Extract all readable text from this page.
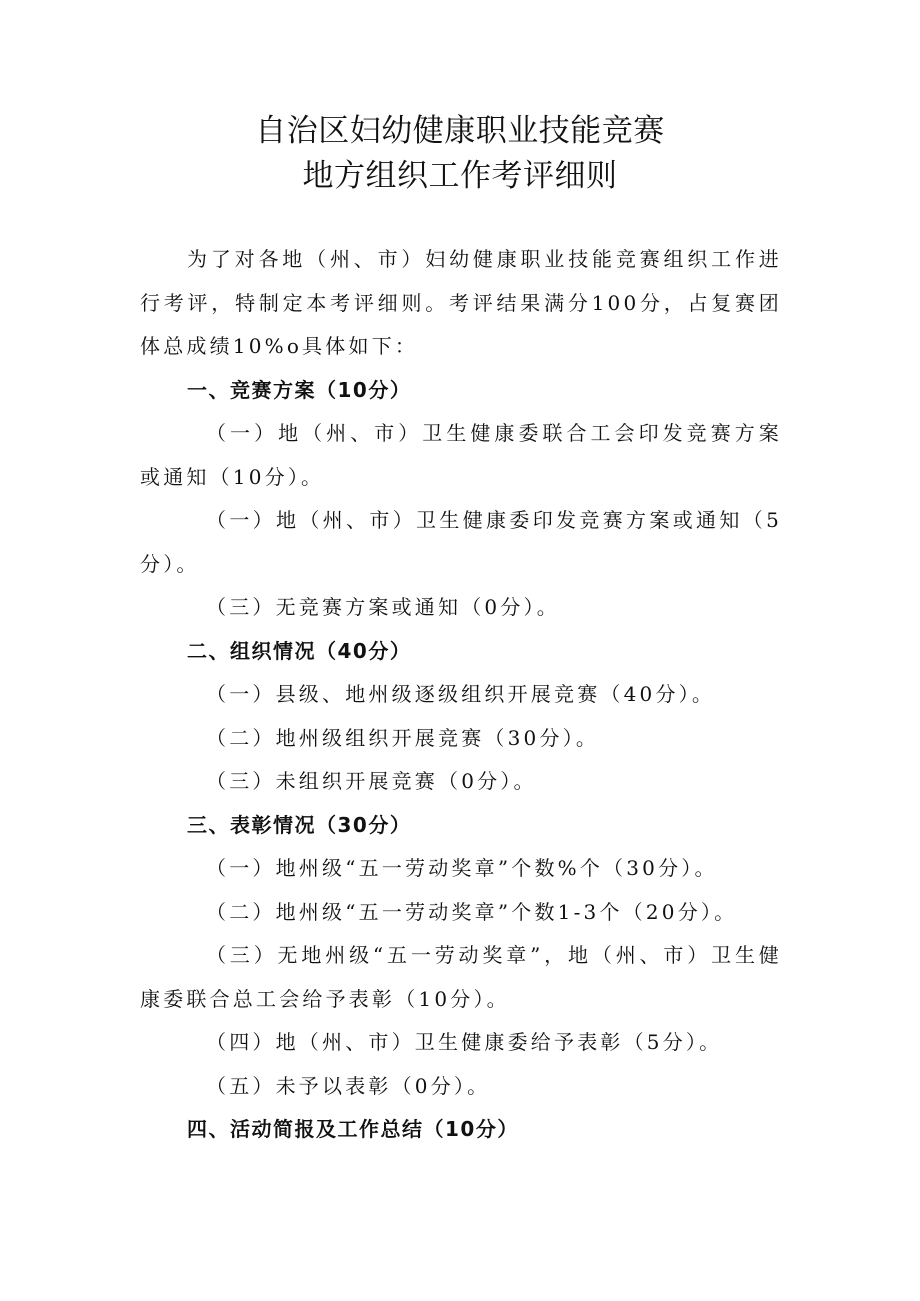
自治区妇幼健康职业技能竞赛
地方组织工作考评细则

为了对各地（州、市）妇幼健康职业技能竞赛组织工作进行考评，特制定本考评细则。考评结果满分100分，占复赛团体总成绩10%o具体如下：

一、竞赛方案（10分）

（一）地（州、市）卫生健康委联合工会印发竞赛方案或通知（10分）。

（一）地（州、市）卫生健康委印发竞赛方案或通知（5分）。

（三）无竞赛方案或通知（0分）。

二、组织情况（40分）

（一）县级、地州级逐级组织开展竞赛（40分）。

（二）地州级组织开展竞赛（30分）。

（三）未组织开展竞赛（0分）。

三、表彰情况（30分）

（一）地州级“五一劳动奖章”个数%个（30分）。

（二）地州级“五一劳动奖章”个数1-3个（20分）。

（三）无地州级“五一劳动奖章”，地（州、市）卫生健康委联合总工会给予表彰（10分）。

（四）地（州、市）卫生健康委给予表彰（5分）。

（五）未予以表彰（0分）。

四、活动简报及工作总结（10分）
